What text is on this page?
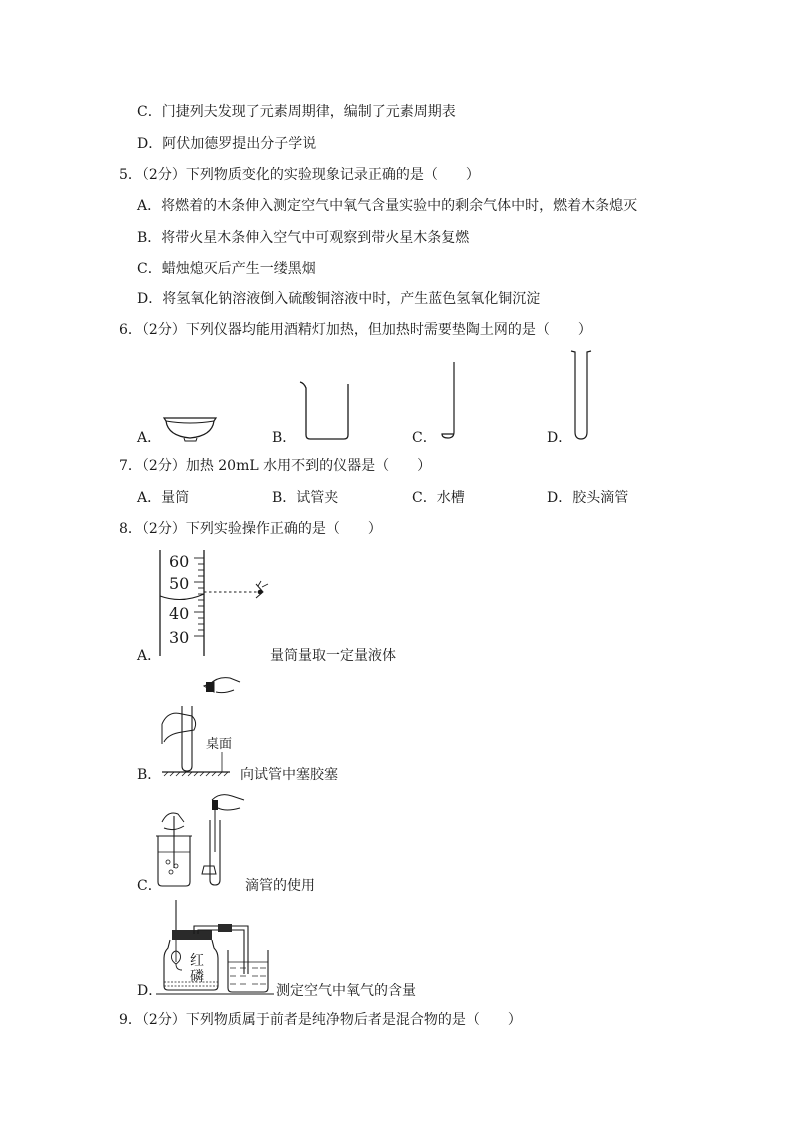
C．门捷列夫发现了元素周期律，编制了元素周期表
D．阿伏加德罗提出分子学说
5．（2分）下列物质变化的实验现象记录正确的是（　　）
A．将燃着的木条伸入测定空气中氧气含量实验中的剩余气体中时，燃着木条熄灭
B．将带火星木条伸入空气中可观察到带火星木条复燃
C．蜡烛熄灭后产生一缕黑烟
D．将氢氧化钠溶液倒入硫酸铜溶液中时，产生蓝色氢氧化铜沉淀
6．（2分）下列仪器均能用酒精灯加热，但加热时需要垫陶土网的是（　　）
A．	B．	C．	D．
7．（2分）加热 20mL 水用不到的仪器是（　　）
A．量筒	B．试管夹	C．水槽	D．胶头滴管
8．（2分）下列实验操作正确的是（　　）
A．
60
50
40
30
量筒量取一定量液体
B．
桌面
向试管中塞胶塞
C．	滴管的使用
D．
红
磷
测定空气中氧气的含量
9．（2分）下列物质属于前者是纯净物后者是混合物的是（　　）
